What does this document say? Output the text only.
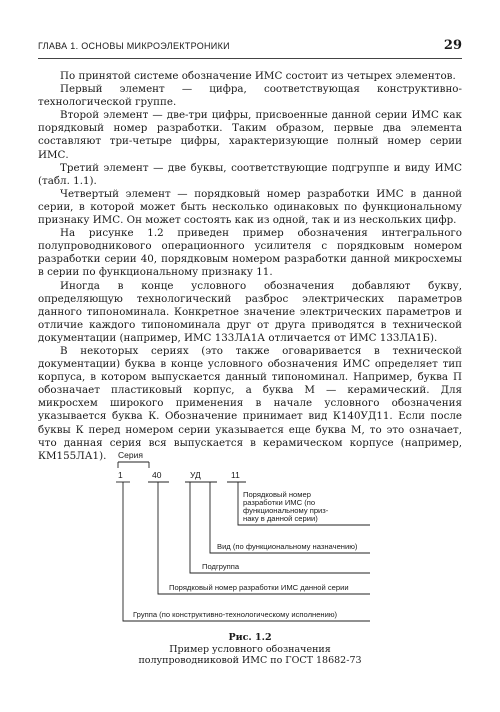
ГЛАВА 1. ОСНОВЫ МИКРОЭЛЕКТРОНИКИ	29

По принятой системе обозначение ИМС состоит из четырех элементов.

Первый элемент — цифра, соответствующая конструктивно-технологической группе.

Второй элемент — две-три цифры, присвоенные данной серии ИМС как порядковый номер разработки. Таким образом, первые два элемента составляют три-четыре цифры, характеризующие полный номер серии ИМС.

Третий элемент — две буквы, соответствующие подгруппе и виду ИМС (табл. 1.1).

Четвертый элемент — порядковый номер разработки ИМС в данной серии, в которой может быть несколько одинаковых по функциональному признаку ИМС. Он может состоять как из одной, так и из нескольких цифр.

На рисунке 1.2 приведен пример обозначения интегрального полупроводникового операционного усилителя с порядковым номером разработки серии 40, порядковым номером разработки данной микросхемы в серии по функциональному признаку 11.

Иногда в конце условного обозначения добавляют букву, определяющую технологический разброс электрических параметров данного типономинала. Конкретное значение электрических параметров и отличие каждого типономинала друг от друга приводятся в технической документации (например, ИМС 133ЛА1А отличается от ИМС 133ЛА1Б).

В некоторых сериях (это также оговаривается в технической документации) буква в конце условного обозначения ИМС определяет тип корпуса, в котором выпускается данный типономинал. Например, буква П обозначает пластиковый корпус, а буква М — керамический. Для микросхем широкого применения в начале условного обозначения указывается буква К. Обозначение принимает вид К140УД11. Если после буквы К перед номером серии указывается еще буква М, то это означает, что данная серия вся выпускается в керамическом корпусе (например, КМ155ЛА1).	Серия
1	40	УД	11
Порядковый номер
разработки ИМС (по
функциональному приз-
наку в данной серии)
Вид (по функциональному назначению)
Подгруппа
Порядковый номер разработки ИМС данной серии
Группа (по конструктивно-технологическому исполнению)
Рис. 1.2
Пример условного обозначения
полупроводниковой ИМС по ГОСТ 18682-73
